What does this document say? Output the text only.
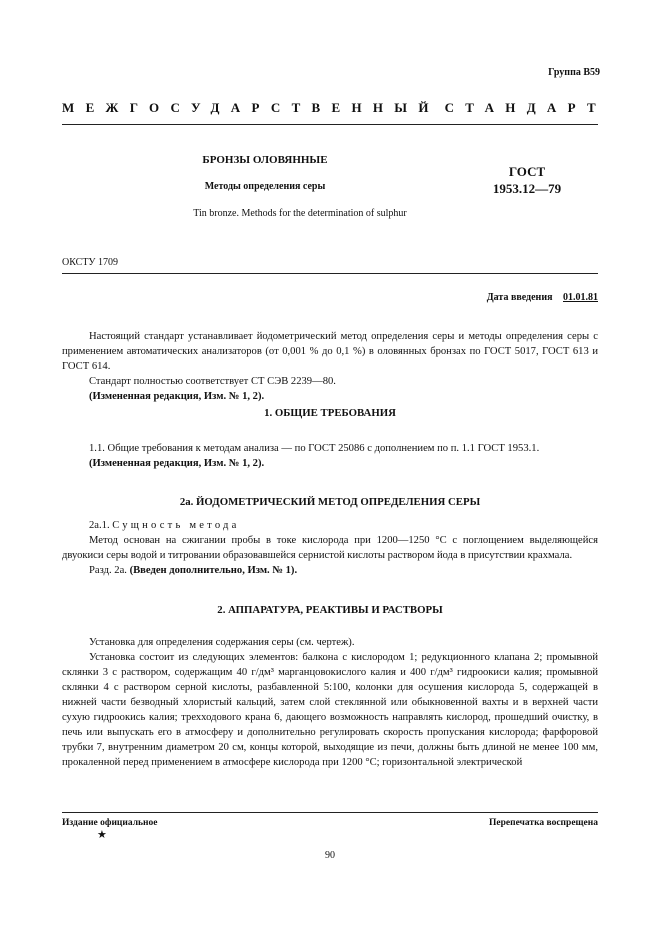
Группа В59
МЕЖГОСУДАРСТВЕННЫЙ СТАНДАРТ
БРОНЗЫ ОЛОВЯННЫЕ
Методы определения серы
ГОСТ
1953.12—79
Tin bronze. Methods for the determination of sulphur
ОКСТУ 1709
Дата введения 01.01.81

Настоящий стандарт устанавливает йодометрический метод определения серы и методы определения серы с применением автоматических анализаторов (от 0,001 % до 0,1 %) в оловянных бронзах по ГОСТ 5017, ГОСТ 613 и ГОСТ 614.

Стандарт полностью соответствует СТ СЭВ 2239—80.

(Измененная редакция, Изм. № 1, 2).

1. ОБЩИЕ ТРЕБОВАНИЯ

1.1. Общие требования к методам анализа — по ГОСТ 25086 с дополнением по п. 1.1 ГОСТ 1953.1.

(Измененная редакция, Изм. № 1, 2).

2а. ЙОДОМЕТРИЧЕСКИЙ МЕТОД ОПРЕДЕЛЕНИЯ СЕРЫ

2а.1. Сущность метода

Метод основан на сжигании пробы в токе кислорода при 1200—1250 °С с поглощением выделяющейся двуокиси серы водой и титровании образовавшейся сернистой кислоты раствором йода в присутствии крахмала.

Разд. 2а. (Введен дополнительно, Изм. № 1).

2. АППАРАТУРА, РЕАКТИВЫ И РАСТВОРЫ

Установка для определения содержания серы (см. чертеж).

Установка состоит из следующих элементов: балкона с кислородом 1; редукционного клапана 2; промывной склянки 3 с раствором, содержащим 40 г/дм³ марганцовокислого калия и 400 г/дм³ гидроокиси калия; промывной склянки 4 с раствором серной кислоты, разбавленной 5:100, колонки для осушения кислорода 5, содержащей в нижней части безводный хлористый кальций, затем слой стеклянной или обыкновенной вахты и в верхней части сухую гидроокись калия; трехходового крана 6, дающего возможность направлять кислород, прошедший очистку, в печь или выпускать его в атмосферу и дополнительно регулировать скорость пропускания кислорода; фарфоровой трубки 7, внутренним диаметром 20 см, концы которой, выходящие из печи, должны быть длиной не менее 100 мм, прокаленной перед применением в атмосфере кислорода при 1200 °С; горизонтальной электрической

Издание официальное	Перепечатка воспрещена
★
90
